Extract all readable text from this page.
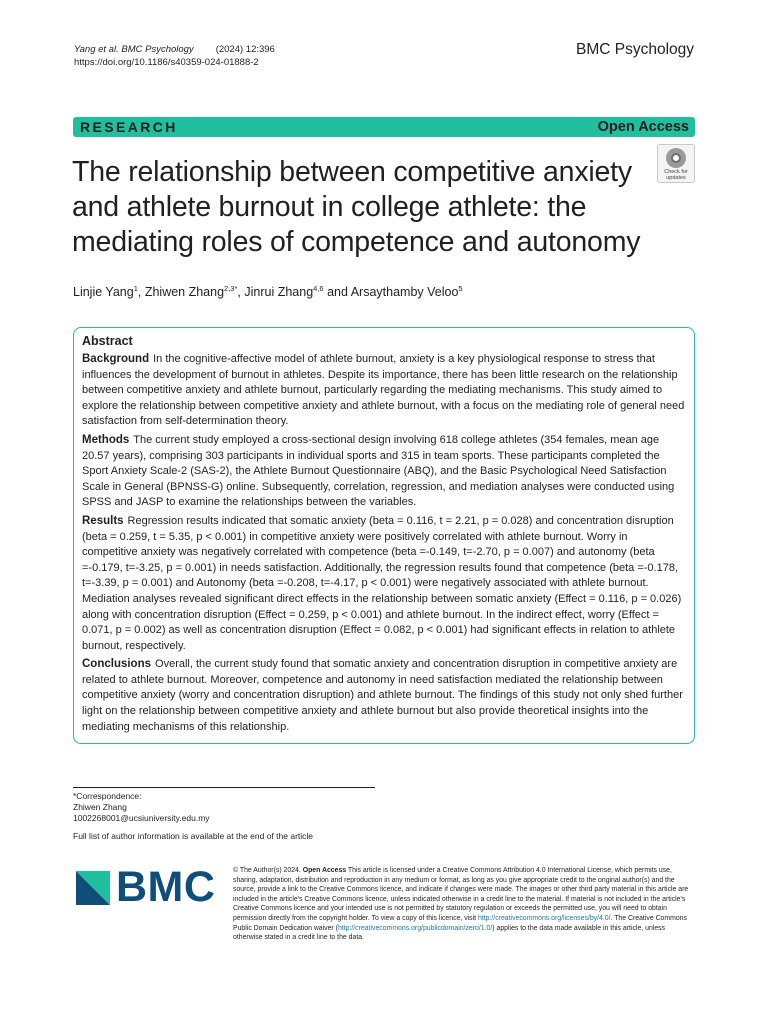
Yang et al. BMC Psychology (2024) 12:396
https://doi.org/10.1186/s40359-024-01888-2
BMC Psychology
RESEARCH	Open Access
The relationship between competitive anxiety and athlete burnout in college athlete: the mediating roles of competence and autonomy
Check for
updates
Linjie Yang$^1$, Zhiwen Zhang$^{2,3*}$, Jinrui Zhang$^{4,6}$ and Arsaythamby Veloo$^5$
Abstract

Background In the cognitive-affective model of athlete burnout, anxiety is a key physiological response to stress that influences the development of burnout in athletes. Despite its importance, there has been little research on the relationship between competitive anxiety and athlete burnout, particularly regarding the mediating mechanisms. This study aimed to explore the relationship between competitive anxiety and athlete burnout, with a focus on the mediating role of general need satisfaction from self-determination theory.

Methods The current study employed a cross-sectional design involving 618 college athletes (354 females, mean age 20.57 years), comprising 303 participants in individual sports and 315 in team sports. These participants completed the Sport Anxiety Scale-2 (SAS-2), the Athlete Burnout Questionnaire (ABQ), and the Basic Psychological Need Satisfaction Scale in General (BPNSS-G) online. Subsequently, correlation, regression, and mediation analyses were conducted using SPSS and JASP to examine the relationships between the variables.

Results Regression results indicated that somatic anxiety (beta = 0.116, t = 2.21, p = 0.028) and concentration disruption (beta = 0.259, t = 5.35, p < 0.001) in competitive anxiety were positively correlated with athlete burnout. Worry in competitive anxiety was negatively correlated with competence (beta =-0.149, t=-2.70, p = 0.007) and autonomy (beta =-0.179, t=-3.25, p = 0.001) in needs satisfaction. Additionally, the regression results found that competence (beta =-0.178, t=-3.39, p = 0.001) and Autonomy (beta =-0.208, t=-4.17, p < 0.001) were negatively associated with athlete burnout. Mediation analyses revealed significant direct effects in the relationship between somatic anxiety (Effect = 0.116, p = 0.026) along with concentration disruption (Effect = 0.259, p < 0.001) and athlete burnout. In the indirect effect, worry (Effect = 0.071, p = 0.002) as well as concentration disruption (Effect = 0.082, p < 0.001) had significant effects in relation to athlete burnout, respectively.

Conclusions Overall, the current study found that somatic anxiety and concentration disruption in competitive anxiety are related to athlete burnout. Moreover, competence and autonomy in need satisfaction mediated the relationship between competitive anxiety (worry and concentration disruption) and athlete burnout. The findings of this study not only shed further light on the relationship between competitive anxiety and athlete burnout but also provide theoretical insights into the mediating mechanisms of this relationship.

*Correspondence:
Zhiwen Zhang
1002268001@ucsiuniversity.edu.my
Full list of author information is available at the end of the article
BMC	© The Author(s) 2024. Open Access This article is licensed under a Creative Commons Attribution 4.0 International License, which permits use, sharing, adaptation, distribution and reproduction in any medium or format, as long as you give appropriate credit to the original author(s) and the source, provide a link to the Creative Commons licence, and indicate if changes were made. The images or other third party material in this article are included in the article's Creative Commons licence, unless indicated otherwise in a credit line to the material. If material is not included in the article's Creative Commons licence and your intended use is not permitted by statutory regulation or exceeds the permitted use, you will need to obtain permission directly from the copyright holder. To view a copy of this licence, visit http://creativecommons.org/licenses/by/4.0/. The Creative Commons Public Domain Dedication waiver (http://creativecommons.org/publicdomain/zero/1.0/) applies to the data made available in this article, unless otherwise stated in a credit line to the data.
